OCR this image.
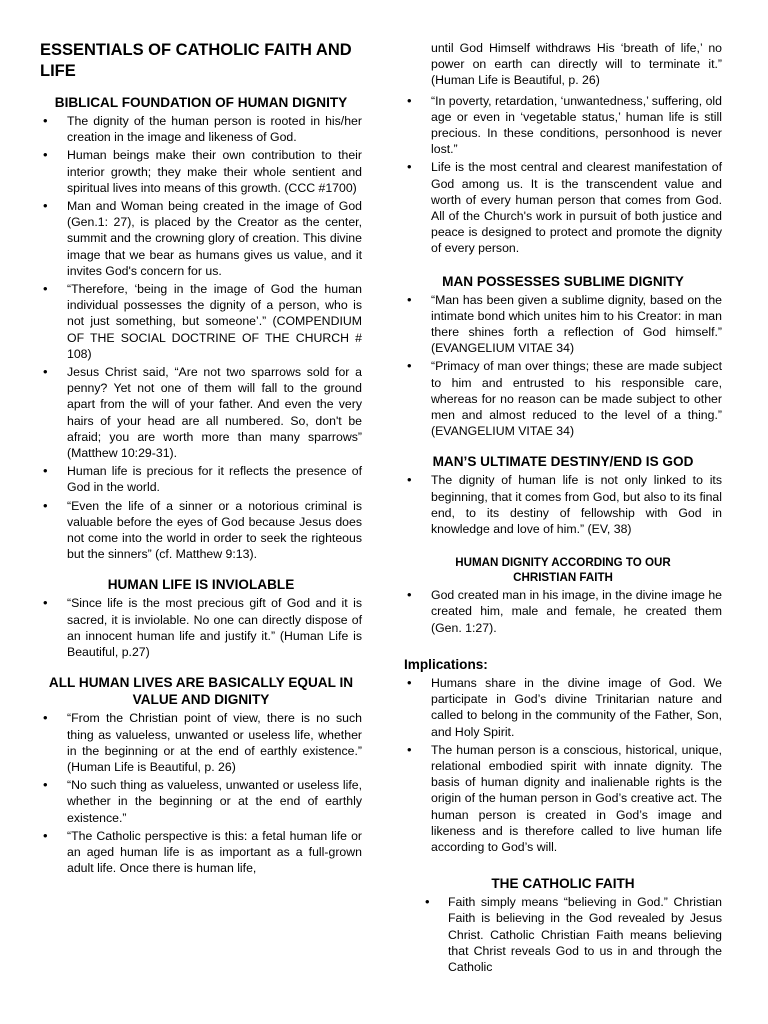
ESSENTIALS OF CATHOLIC FAITH AND LIFE
BIBLICAL FOUNDATION OF HUMAN DIGNITY
• The dignity of the human person is rooted in his/her creation in the image and likeness of God.
• Human beings make their own contribution to their interior growth; they make their whole sentient and spiritual lives into means of this growth. (CCC #1700)
• Man and Woman being created in the image of God (Gen.1: 27), is placed by the Creator as the center, summit and the crowning glory of creation. This divine image that we bear as humans gives us value, and it invites God's concern for us.
• “Therefore, ‘being in the image of God the human individual possesses the dignity of a person, who is not just something, but someone’.” (COMPENDIUM OF THE SOCIAL DOCTRINE OF THE CHURCH # 108)
• Jesus Christ said, “Are not two sparrows sold for a penny? Yet not one of them will fall to the ground apart from the will of your father. And even the very hairs of your head are all numbered. So, don't be afraid; you are worth more than many sparrows” (Matthew 10:29-31).
• Human life is precious for it reflects the presence of God in the world.
• “Even the life of a sinner or a notorious criminal is valuable before the eyes of God because Jesus does not come into the world in order to seek the righteous but the sinners” (cf. Matthew 9:13).
HUMAN LIFE IS INVIOLABLE
• “Since life is the most precious gift of God and it is sacred, it is inviolable. No one can directly dispose of an innocent human life and justify it.” (Human Life is Beautiful, p.27)
ALL HUMAN LIVES ARE BASICALLY EQUAL IN VALUE AND DIGNITY
• “From the Christian point of view, there is no such thing as valueless, unwanted or useless life, whether in the beginning or at the end of earthly existence.” (Human Life is Beautiful, p. 26)
• “No such thing as valueless, unwanted or useless life, whether in the beginning or at the end of earthly existence.”
• “The Catholic perspective is this: a fetal human life or an aged human life is as important as a full-grown adult life. Once there is human life,
until God Himself withdraws His ‘breath of life,’ no power on earth can directly will to terminate it.” (Human Life is Beautiful, p. 26)
• “In poverty, retardation, ‘unwantedness,’ suffering, old age or even in ‘vegetable status,’ human life is still precious. In these conditions, personhood is never lost.”
• Life is the most central and clearest manifestation of God among us. It is the transcendent value and worth of every human person that comes from God. All of the Church's work in pursuit of both justice and peace is designed to protect and promote the dignity of every person.
MAN POSSESSES SUBLIME DIGNITY
• “Man has been given a sublime dignity, based on the intimate bond which unites him to his Creator: in man there shines forth a reflection of God himself.” (EVANGELIUM VITAE 34)
• “Primacy of man over things; these are made subject to him and entrusted to his responsible care, whereas for no reason can be made subject to other men and almost reduced to the level of a thing.” (EVANGELIUM VITAE 34)
MAN’S ULTIMATE DESTINY/END IS GOD
• The dignity of human life is not only linked to its beginning, that it comes from God, but also to its final end, to its destiny of fellowship with God in knowledge and love of him.” (EV, 38)
HUMAN DIGNITY ACCORDING TO OUR CHRISTIAN FAITH
• God created man in his image, in the divine image he created him, male and female, he created them (Gen. 1:27).
Implications:
• Humans share in the divine image of God. We participate in God’s divine Trinitarian nature and called to belong in the community of the Father, Son, and Holy Spirit.
• The human person is a conscious, historical, unique, relational embodied spirit with innate dignity. The basis of human dignity and inalienable rights is the origin of the human person in God’s creative act. The human person is created in God’s image and likeness and is therefore called to live human life according to God’s will.
THE CATHOLIC FAITH
• Faith simply means “believing in God.” Christian Faith is believing in the God revealed by Jesus Christ. Catholic Christian Faith means believing that Christ reveals God to us in and through the Catholic
